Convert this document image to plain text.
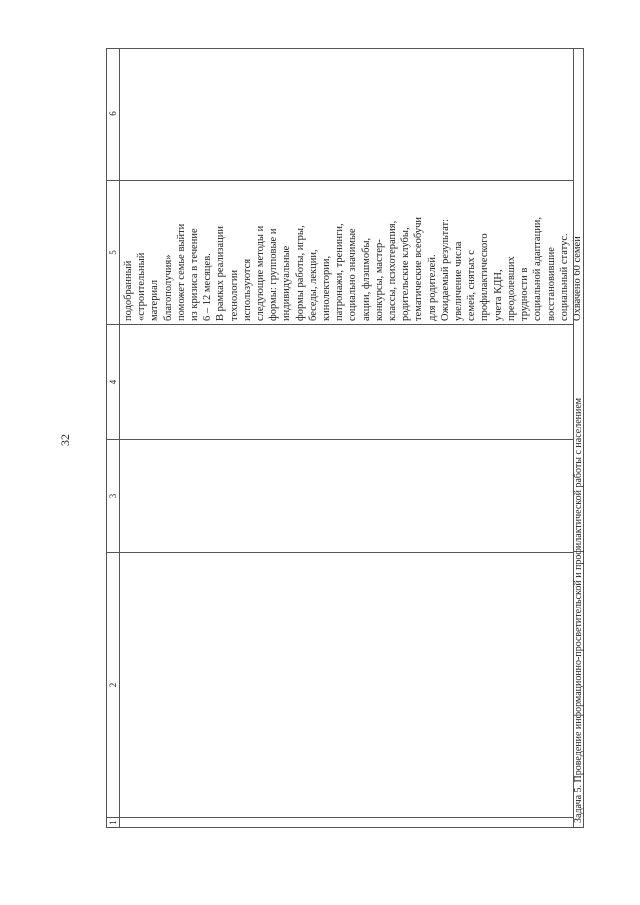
32
1
2
3
4
5
6
подобранный «строительный материал благополучия» поможет семье выйти из кризиса в течение 6 – 12 месяцев. В рамках реализации технологии используются следующие методы и формы: групповые и индивидуальные формы работы, игры, беседы, лекции, кинолектории, патронажи, тренинги, социально значимые акции, флэшмобы, конкурсы, мастер- классы, психотерапия, родительские клубы, тематические всеобучи для родителей. Ожидаемый результат: увеличение числа семей, снятых с профилактического учета КДН, преодолевших трудности в социальной адаптации, восстановившие социальный статус. Охвачено 60 семей
Задача 5. Проведение информационно-просветительской и профилактической работы с населением
